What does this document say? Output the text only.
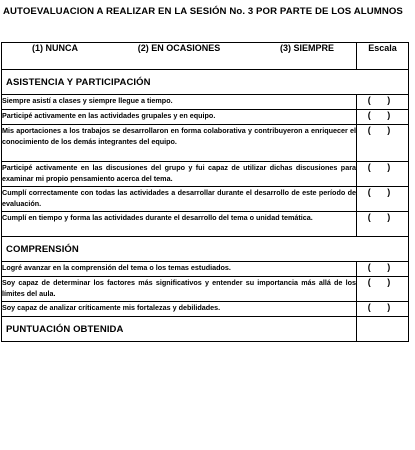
AUTOEVALUACION A REALIZAR EN LA SESIÓN No. 3 POR PARTE DE LOS ALUMNOS
(1) NUNCA (2) EN OCASIONES (3) SIEMPRE	Escala
ASISTENCIA Y PARTICIPACIÓN	
Siempre asistí a clases y siempre llegue a tiempo.	( )
Participé activamente en las actividades grupales y en equipo.	( )
Mis aportaciones a los trabajos se desarrollaron en forma colaborativa y contribuyeron a enriquecer el conocimiento de los demás integrantes del equipo.	( )
Participé activamente en las discusiones del grupo y fui capaz de utilizar dichas discusiones para examinar mi propio pensamiento acerca del tema.	( )
Cumplí correctamente con todas las actividades a desarrollar durante el desarrollo de este período de evaluación.	( )
Cumplí en tiempo y forma las actividades durante el desarrollo del tema o unidad temática.	( )
COMPRENSIÓN	
Logré avanzar en la comprensión del tema o los temas estudiados.	( )
Soy capaz de determinar los factores más significativos y entender su importancia más allá de los límites del aula.	( )
Soy capaz de analizar críticamente mis fortalezas y debilidades.	( )
PUNTUACIÓN OBTENIDA	
